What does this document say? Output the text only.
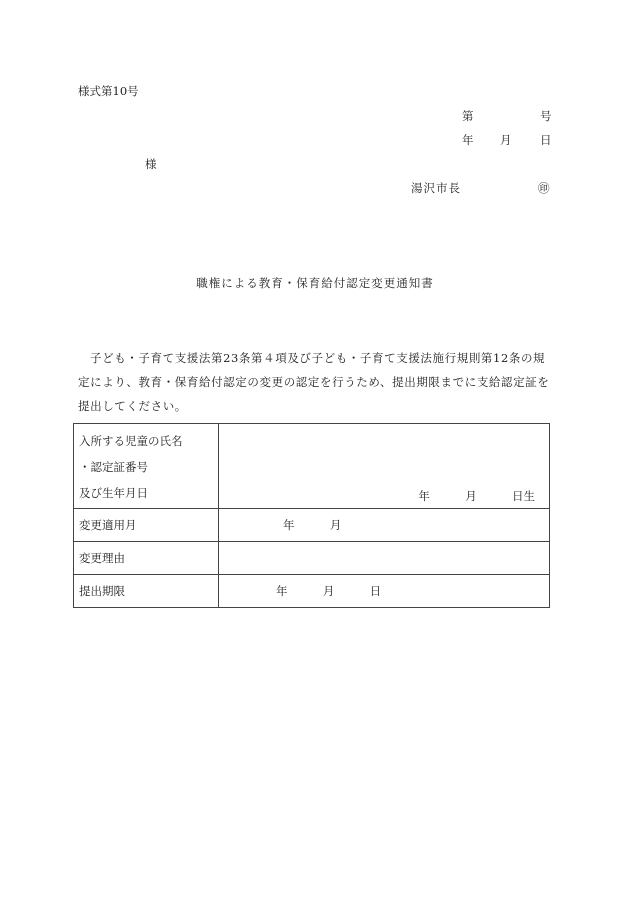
様式第10号
第	号
年 月 日
様
湯沢市長	㊞
職権による教育・保育給付認定変更通知書
子ども・子育て支援法第23条第４項及び子ども・子育て支援法施行規則第12条の規定により、教育・保育給付認定の変更の認定を行うため、提出期限までに支給認定証を提出してください。
入所する児童の氏名
・認定証番号
及び生年月日	年 月 日生

変更適用月	年 月

変更理由	
提出期限	年 月 日
